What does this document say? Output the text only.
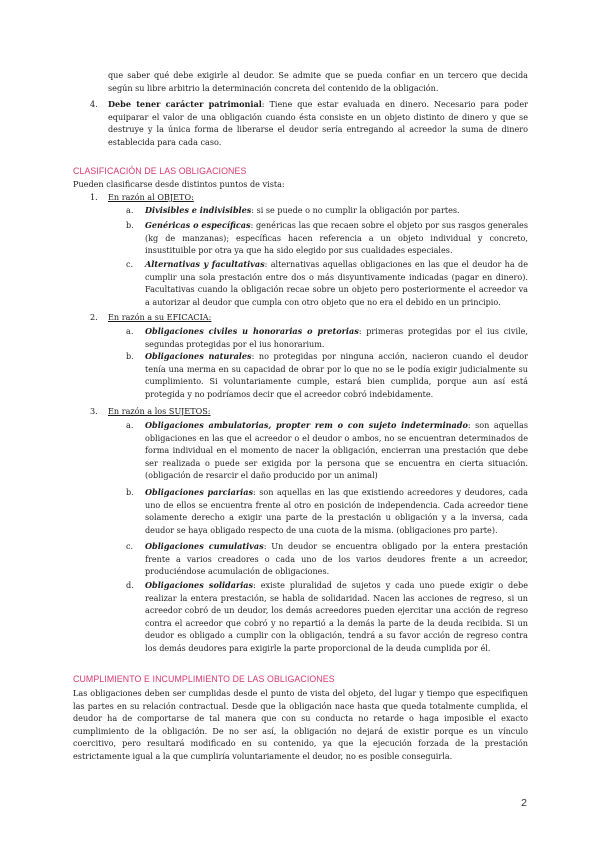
que saber qué debe exigirle al deudor. Se admite que se pueda confiar en un tercero que decida según su libre arbitrio la determinación concreta del contenido de la obligación.

4. Debe tener carácter patrimonial: Tiene que estar evaluada en dinero. Necesario para poder equiparar el valor de una obligación cuando ésta consiste en un objeto distinto de dinero y que se destruye y la única forma de liberarse el deudor sería entregando al acreedor la suma de dinero establecida para cada caso.

CLASIFICACIÓN DE LAS OBLIGACIONES

Pueden clasificarse desde distintos puntos de vista:

1. En razón al OBJETO:
a. Divisibles e indivisibles: si se puede o no cumplir la obligación por partes.

b. Genéricas o específicas: genéricas las que recaen sobre el objeto por sus rasgos generales (kg de manzanas); específicas hacen referencia a un objeto individual y concreto, insustituible por otra ya que ha sido elegido por sus cualidades especiales.

c. Alternativas y facultativas: alternativas aquellas obligaciones en las que el deudor ha de cumplir una sola prestación entre dos o más disyuntivamente indicadas (pagar en dinero). Facultativas cuando la obligación recae sobre un objeto pero posteriormente el acreedor va a autorizar al deudor que cumpla con otro objeto que no era el debido en un principio.

2. En razón a su EFICACIA:
a. Obligaciones civiles u honorarias o pretorias: primeras protegidas por el ius civile, segundas protegidas por el ius honorarium.

b. Obligaciones naturales: no protegidas por ninguna acción, nacieron cuando el deudor tenía una merma en su capacidad de obrar por lo que no se le podía exigir judicialmente su cumplimiento. Si voluntariamente cumple, estará bien cumplida, porque aun así está protegida y no podríamos decir que el acreedor cobró indebidamente.

3. En razón a los SUJETOS:
a. Obligaciones ambulatorias, propter rem o con sujeto indeterminado: son aquellas obligaciones en las que el acreedor o el deudor o ambos, no se encuentran determinados de forma individual en el momento de nacer la obligación, encierran una prestación que debe ser realizada o puede ser exigida por la persona que se encuentra en cierta situación. (obligación de resarcir el daño producido por un animal)

b. Obligaciones parciarias: son aquellas en las que existiendo acreedores y deudores, cada uno de ellos se encuentra frente al otro en posición de independencia. Cada acreedor tiene solamente derecho a exigir una parte de la prestación u obligación y a la inversa, cada deudor se haya obligado respecto de una cuota de la misma. (obligaciones pro parte).

c. Obligaciones cumulativas: Un deudor se encuentra obligado por la entera prestación frente a varios creadores o cada uno de los varios deudores frente a un acreedor, produciéndose acumulación de obligaciones.

d. Obligaciones solidarias: existe pluralidad de sujetos y cada uno puede exigir o debe realizar la entera prestación, se habla de solidaridad. Nacen las acciones de regreso, si un acreedor cobró de un deudor, los demás acreedores pueden ejercitar una acción de regreso contra el acreedor que cobró y no repartió a la demás la parte de la deuda recibida. Si un deudor es obligado a cumplir con la obligación, tendrá a su favor acción de regreso contra los demás deudores para exigirle la parte proporcional de la deuda cumplida por él.

CUMPLIMIENTO E INCUMPLIMIENTO DE LAS OBLIGACIONES

Las obligaciones deben ser cumplidas desde el punto de vista del objeto, del lugar y tiempo que especifiquen las partes en su relación contractual. Desde que la obligación nace hasta que queda totalmente cumplida, el deudor ha de comportarse de tal manera que con su conducta no retarde o haga imposible el exacto cumplimiento de la obligación. De no ser así, la obligación no dejará de existir porque es un vínculo coercitivo, pero resultará modificado en su contenido, ya que la ejecución forzada de la prestación estrictamente igual a la que cumpliría voluntariamente el deudor, no es posible conseguirla.

2
